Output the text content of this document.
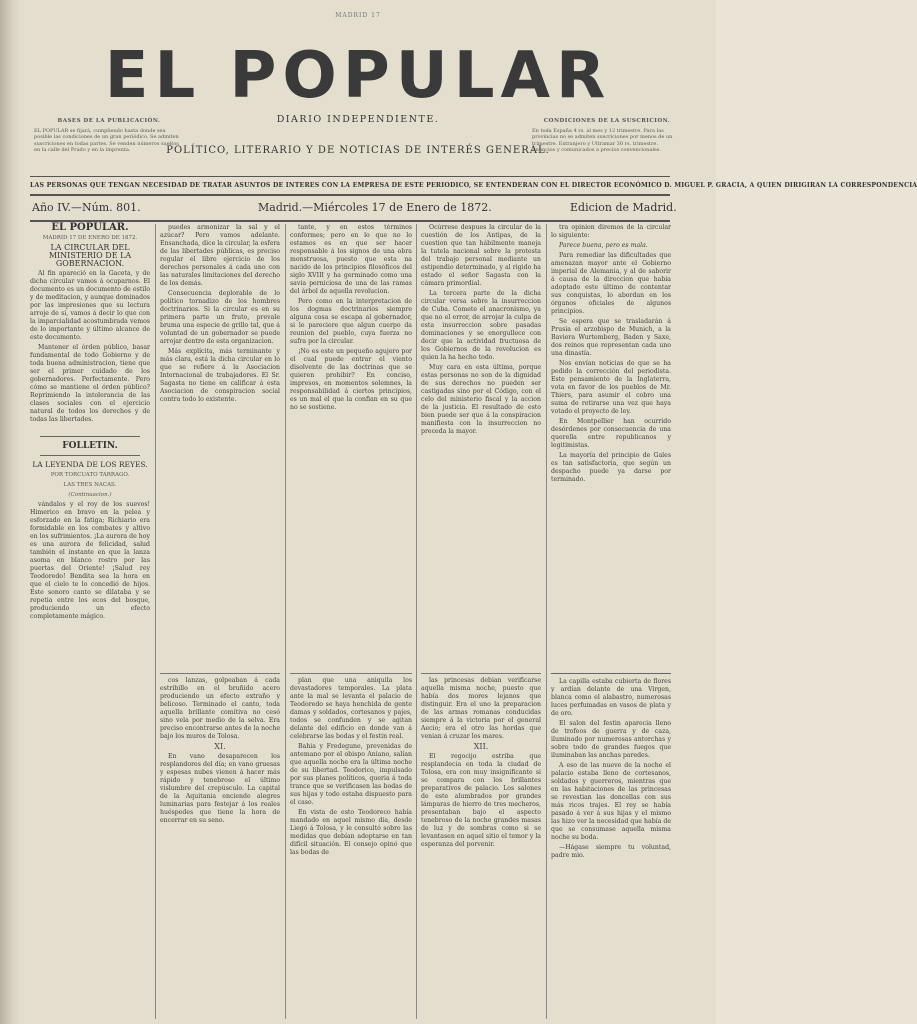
MADRID 17
EL POPULAR
BASES DE LA PUBLICACIÓN.
EL POPULAR se fijará, cumpliendo hasta donde sea posible las condiciones de un gran periódico. Se admiten suscriciones en todas partes. Se venden números sueltos en la calle del Prado y en la imprenta.
CONDICIONES DE LA SUSCRICION.
En toda España 4 rs. al mes y 12 trimestre. Para las provincias no se admiten suscriciones por menos de un trimestre. Extranjero y Ultramar 30 rs. trimestre. Anuncios y comunicados a precios convencionales.
DIARIO INDEPENDIENTE.
POLÍTICO, LITERARIO Y DE NOTICIAS DE INTERÉS GENERAL.
LAS PERSONAS QUE TENGAN NECESIDAD DE TRATAR ASUNTOS DE INTERES CON LA EMPRESA DE ESTE PERIODICO, SE ENTENDERAN CON EL DIRECTOR ECONÓMICO D. MIGUEL P. GRACIA, A QUIEN DIRIGIRAN LA CORRESPONDENCIA
Año IV.—Núm. 801.	Madrid.—Miércoles 17 de Enero de 1872.	Edicion de Madrid.

EL POPULAR.

MADRID 17 DE ENERO DE 1872.

LA CIRCULAR DEL MINISTERIO DE LA GOBERNACION.

Al fin apareció en la Gaceta, y de dicha circular vamos á ocuparnos. El documento es un documento de estilo y de meditacion, y aunque dominados por las impresiones que su lectura arroje de sí, vamos á decir lo que con la imparcialidad acostumbrada vemos de lo importante y último alcance de este documento.

Mantener el órden público, basar fundamental de todo Gobierno y de toda buena administracion, tiene que ser el primer cuidado de los gobernadores. Perfectamente. Pero cómo se mantiene el órden público? Reprimiendo la intolerancia de las clases sociales con el ejercicio natural de todos los derechos y de todas las libertades.

FOLLETIN.

LA LEYENDA DE LOS REYES.

POR TORCUATO TARRAGO.

LAS TRES NACAS.

(Continuacion.)

vándalos y el roy de los suevos! Himerico en bravo en la pelea y esforzado en la fatiga; Richiario era formidable en los combates y altivo en los sufrimientos. ¡La aurora de hoy es una aurora de felicidad, salud también el instante en que la lanza asoma en blanco rostro por las puertas del Oriente! ¡Salud rey Teodoredo! Bendita sea la hora en que el cielo te lo concedió de hijos. Este sonoro canto se dilataba y se repetia entre los ecos del bosque, produciendo un efecto completamente mágico.

puedes armonizar la sal y el azúcar? Pero vamos adelante. Ensanchada, dice la circular, la esfera de las libertades públicas, es preciso regular el libre ejercicio de los derechos personales á cada uno con las naturales limitaciones del derecho de los demás.

Consecuencia deplorable de lo político tornadizo de los hombres doctrinarios. Si la circular es en su primera parte un fruto, prevale bruma una especie de grillo tal, que á voluntad de un gobernador se puede arrojar dentro de esta organizacion.

Más explícita, más terminante y más clara, está la dicha circular en lo que se refiere á la Asociacion Internacional de trabajadores. El Sr. Sagasta no tiene en calificar á esta Asociacion de conspiracion social contra todo lo existente.

cos lanzas, golpeaban á cada estribillo en el bruñido acero produciendo un efecto extraño y belicoso. Terminado el canto, toda aquella brillante comitiva no cesó sino vela por medio de la selva. Era preciso encontrarse antes de la noche bajo los muros de Tolosa.

XI.

En vano desaparecen los resplandores del día; en vano gruesas y espesas nubes vienen á hacer más rápido y tenebroso el último vislumbre del crepúsculo. La capital de la Aquitania enciende alegres luminarias para festejar á los reales huéspedes que tiene la hora de encerrar en su seno.

tante, y en estos términos conformes; pero en lo que no lo estamos es en que ser hacer responsable á los signos de una obra monstruosa, puesto que esta na nacido de los principios filosóficos del siglo XVIII y ha germinado como una savia perniciosa de una de las ramas del árbol de aquella revolucion.

Pero como en la interpretacion de los dogmas doctrinarios siempre alguna cosa se escapa al gobernador, si le pareciere que algun cuerpo da reunion del pueblo, cuya fuerza no sufra por la circular.

¡No es este un pequeño agujero por el cual puede entrar el viento disolvente de las doctrinas que se quieren prohibir? En conciso, impresos, en momentos solemnes, la responsabilidad á ciertos principios, es un mal el que la confian en su que no se sostiene.

plan que una aniquila los devastadores temporales. La plata ante la mal se levanta el palacio de Teodoredo se haya henchida de gente damas y soldados, cortesanos y pajes, todos se confunden y se agitan delante del edificio en donde van á celebrarse las bodas y el festin real.

Bahia y Fredegune, prevenidas de antemano por el obispo Aniano, salían que aquella noche era la última noche de su libertad. Teodorico, impulsado por sus planes políticos, queria á toda trance que se verificasen las bodas de sus hijas y todo estaba dispuesto para el caso.

En vista de esto Teodoreco había mandado en aquel mismo dia, desde Liegó á Tolosa, y le consultó sobre las medidas que debían adoptarse en tan difícil situación. El consejo opinó que las bodas de

Ocúrrese despues la circular de la cuestión de los Antipas, de la cuestion que tan hábilmente maneja la tutela nacional sobre la protesta del trabajo personal mediante un estipendio determinado, y al rigido ha estado el señor Sagasta con la cámara primordial.

La tercera parte de la dicha circular versa sobre la insurreccion de Cuba. Comete el anacronismo, ya que no el error, de arrojar la culpa de esta insurreccion sobre pasadas dominaciones y se enorgullece con decir que la actividad fructuosa de los Gobiernos de la revolucion es quien la ha hecho todo.

Muy cara en esta última, porque estas personas no son de la dignidad de sus derechos no pueden ser castigadas sino por el Código, con el celo del ministerio fiscal y la accion de la justicia. El resultado de esto bien puede ser que á la conspiracion manifiesta con la insurreccion no preceda la mayor.

las princesas debian verificarse aquella misma noche, puesto que había dos mores lejanos que distinguir. Era el uno la preparacion de las armas romanas conducidas siempre á la victoria por el general Aecio; era el otro las hordas que venian á cruzar los mares.

XII.

El regocijo estriba que resplandecia en toda la ciudad de Tolosa, era con muy insignificante si se compara con los brillantes preparativos de palacio. Los salones de este alumbrados por grandes lámparas de hierro de tres mecheros, presentaban bajo el aspecto tenebroso de la noche grandes masas de luz y de sombras como si se levantasen en aquel sitio el temor y la esperanza del porvenir.

tra opinion diremos de la circular lo siguiente:

Parece buena, pero es mala.

Para remediar las dificultades que amenazan mayor ante el Gobierno imperial de Alemania, y al de saborir á causa de la direccion que habia adoptado este último de contentar sus conquistas, lo abordan en los órganos oficiales de algunos principios.

Se espera que se trasladarán á Prusia el arzobispo de Munich, a la Baviera Wurtemberg, Baden y Saxe, dos reinos que representan cada uno una dinastía.

Nos envían noticias de que se ha pedido la corrección del periodista. Este pensamiento de la Inglaterra, vota en favor de los pueblos de Mr. Thiers, para asumir el cobro una suma de retirarse una vez que haya votado el proyecto de ley.

En Montpellier han ocurrido desórdenes por consecuencia de una querella entre republicanos y legitimistas.

La mayoría del principio de Gales es tan satisfactoria, que según un despacho puede ya darse por terminado.

La capilla estaba cubierta de flores y ardían delante de una Virgen, blanca como el alabastro, numerosas luces perfumadas en vasos de plata y de oro.

El salon del festin aparecia lleno de trofeos de guerra y de caza, iluminado por numerosas antorchas y sobre todo de grandes fuegos que iluminaban las anchas paredes.

A eso de las nueve de la noche el palacio estaba lleno de cortesanos, soldados y guerreros, mientras que en las habitaciones de las princesas se revestian las doncellas con sus más ricos trajes. El rey se había pasado á ver á sus hijas y el mismo las hizo ver la necesidad que había de que se consumase aquella misma noche su boda.

—Hágase siempre tu voluntad, padre mio.
